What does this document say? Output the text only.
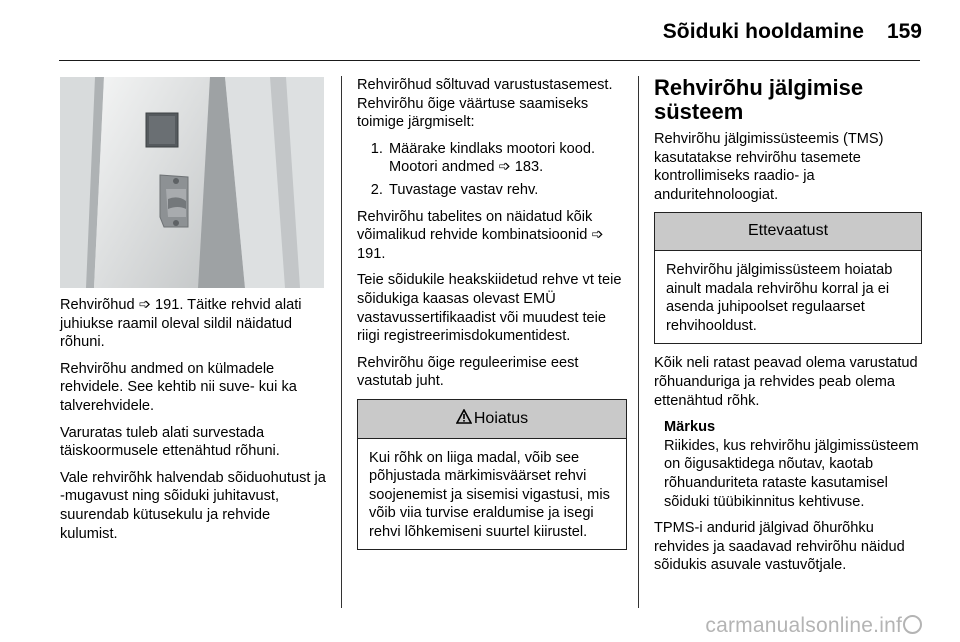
Sõiduki hooldamine 159

Rehvirõhud ➩ 191. Täitke rehvid alati juhiukse raamil oleval sildil näidatud rõhuni.

Rehvirõhu andmed on külmadele rehvidele. See kehtib nii suve- kui ka talverehvidele.

Varuratas tuleb alati survestada täiskoormusele ettenähtud rõhuni.

Vale rehvirõhk halvendab sõiduohutust ja -mugavust ning sõiduki juhitavust, suurendab kütusekulu ja rehvide kulumist.

Rehvirõhud sõltuvad varustustasemest. Rehvirõhu õige väärtuse saamiseks toimige järgmiselt:

1. Määrake kindlaks mootori kood. Mootori andmed ➩ 183.
2. Tuvastage vastav rehv.

Rehvirõhu tabelites on näidatud kõik võimalikud rehvide kombinatsioonid ➩ 191.

Teie sõidukile heakskiidetud rehve vt teie sõidukiga kaasas olevast EMÜ vastavussertifikaadist või muudest teie riigi registreerimisdokumentidest.

Rehvirõhu õige reguleerimise eest vastutab juht.

Hoiatus
Kui rõhk on liiga madal, võib see põhjustada märkimisväärset rehvi soojenemist ja sisemisi vigastusi, mis võib viia turvise eraldumise ja isegi rehvi lõhkemiseni suurtel kiirustel.
Rehvirõhu jälgimise süsteem

Rehvirõhu jälgimissüsteemis (TMS) kasutatakse rehvirõhu tasemete kontrollimiseks raadio- ja anduritehnoloogiat.

Ettevaatust
Rehvirõhu jälgimissüsteem hoiatab ainult madala rehvirõhu korral ja ei asenda juhipoolset regulaarset rehvihooldust.

Kõik neli ratast peavad olema varustatud rõhuanduriga ja rehvides peab olema ettenähtud rõhk.

Märkus
Riikides, kus rehvirõhu jälgimissüsteem on õigusaktidega nõutav, kaotab rõhuanduriteta rataste kasutamisel sõiduki tüübikinnitus kehtivuse.

TPMS-i andurid jälgivad õhurõhku rehvides ja saadavad rehvirõhu näidud sõidukis asuvale vastuvõtjale.

carmanualsonline.inf
